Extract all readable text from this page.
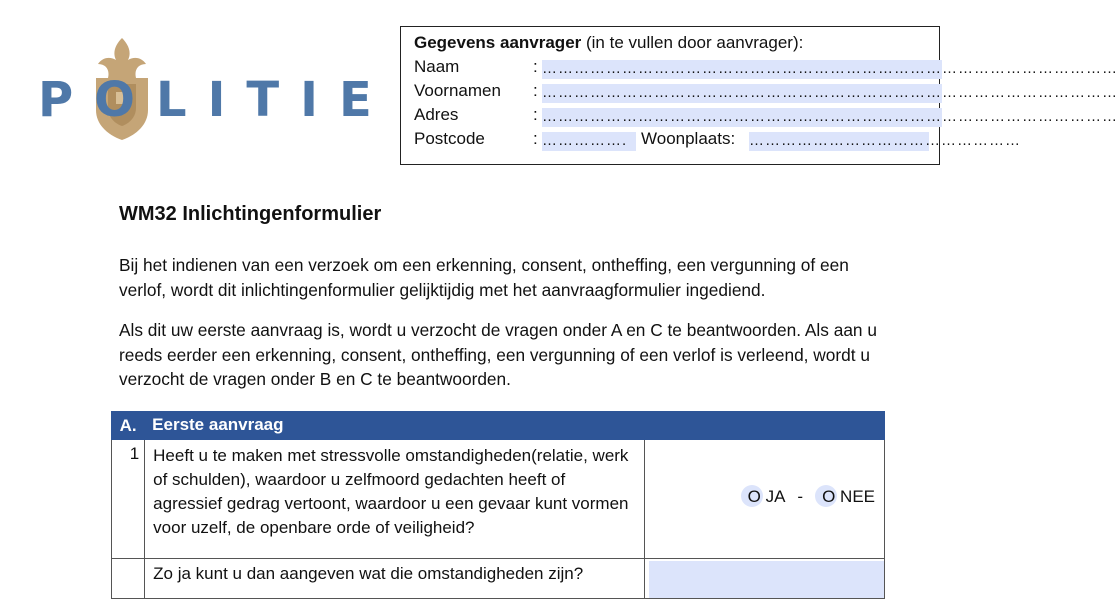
POLITIE
Gegevens aanvrager (in te vullen door aanvrager):
Naam	: ………………………………………………………………………………………………
Voornamen : ………………………………………………………………………………………………
Adres	: ………………………………………………………………………………………………
Postcode	: ……………. Woonplaats: ……………………………………………
WM32 Inlichtingenformulier

Bij het indienen van een verzoek om een erkenning, consent, ontheffing, een vergunning of een verlof, wordt dit inlichtingenformulier gelijktijdig met het aanvraagformulier ingediend.

Als dit uw eerste aanvraag is, wordt u verzocht de vragen onder A en C te beantwoorden. Als aan u reeds eerder een erkenning, consent, ontheffing, een vergunning of een verlof is verleend, wordt u verzocht de vragen onder B en C te beantwoorden.

A.	Eerste aanvraag	
1	Heeft u te maken met stressvolle omstandigheden(relatie, werk of schulden), waardoor u zelfmoord gedachten heeft of agressief gedrag vertoont, waardoor u een gevaar kunt vormen voor uzelf, de openbare orde of veiligheid?	O JA - O NEE

	Zo ja kunt u dan aangeven wat die omstandigheden zijn?	
